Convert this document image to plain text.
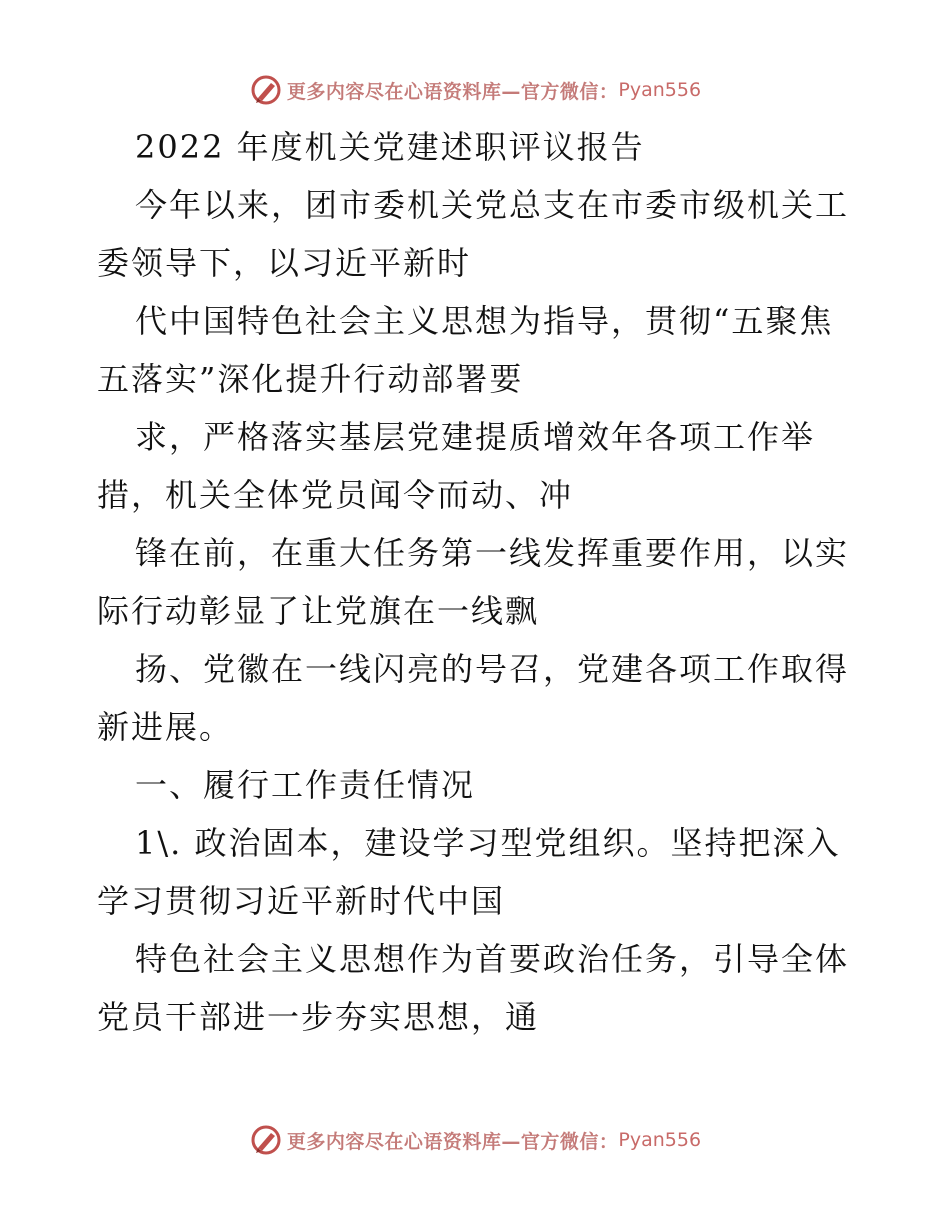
更多内容尽在心语资料库—官方微信： Pyan556
2022 年度机关党建述职评议报告
今年以来，团市委机关党总支在市委市级机关工
委领导下，以习近平新时
代中国特色社会主义思想为指导，贯彻“五聚焦
五落实”深化提升行动部署要
求，严格落实基层党建提质增效年各项工作举
措，机关全体党员闻令而动、冲
锋在前，在重大任务第一线发挥重要作用，以实
际行动彰显了让党旗在一线飘
扬、党徽在一线闪亮的号召，党建各项工作取得
新进展。
一、履行工作责任情况
1\. 政治固本，建设学习型党组织。坚持把深入
学习贯彻习近平新时代中国
特色社会主义思想作为首要政治任务，引导全体
党员干部进一步夯实思想，通
更多内容尽在心语资料库—官方微信： Pyan556
